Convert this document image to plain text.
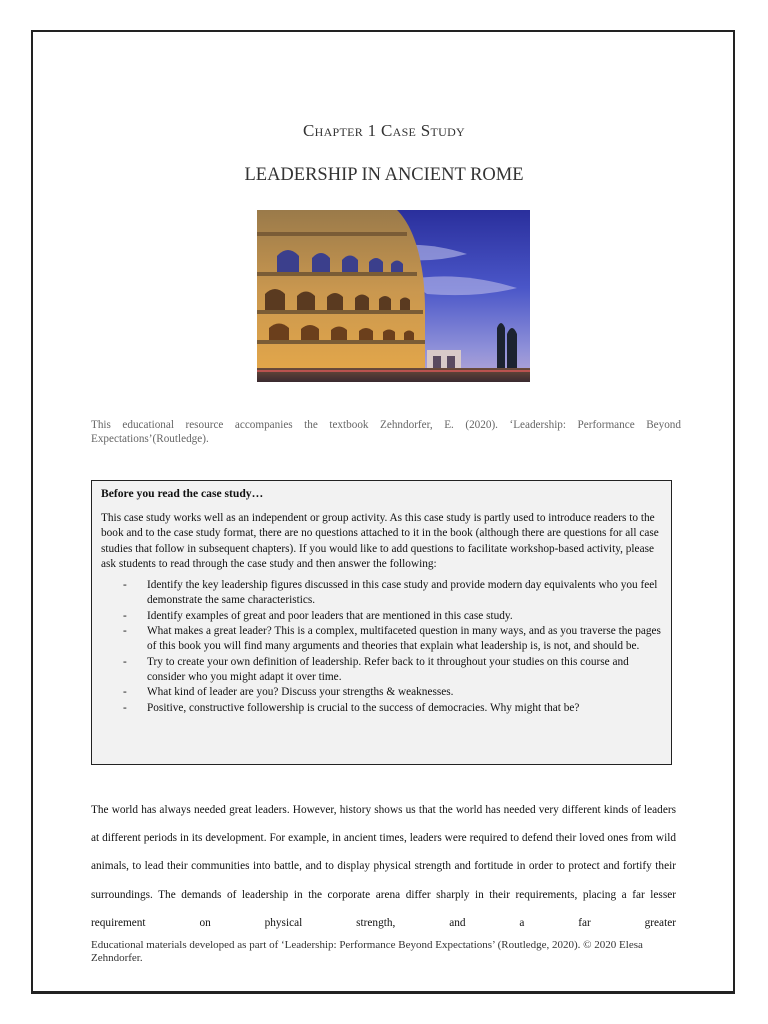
Chapter 1 Case Study
LEADERSHIP IN ANCIENT ROME
This educational resource accompanies the textbook Zehndorfer, E. (2020). ‘Leadership: Performance Beyond Expectations’(Routledge).

Before you read the case study…

This case study works well as an independent or group activity. As this case study is partly used to introduce readers to the book and to the case study format, there are no questions attached to it in the book (although there are questions for all case studies that follow in subsequent chapters). If you would like to add questions to facilitate workshop-based activity, please ask students to read through the case study and then answer the following:

- Identify the key leadership figures discussed in this case study and provide modern day equivalents who you feel demonstrate the same characteristics.
- Identify examples of great and poor leaders that are mentioned in this case study.
- What makes a great leader? This is a complex, multifaceted question in many ways, and as you traverse the pages of this book you will find many arguments and theories that explain what leadership is, is not, and should be.
- Try to create your own definition of leadership. Refer back to it throughout your studies on this course and consider who you might adapt it over time.
- What kind of leader are you? Discuss your strengths & weaknesses.
- Positive, constructive followership is crucial to the success of democracies. Why might that be?

The world has always needed great leaders. However, history shows us that the world has needed very different kinds of leaders at different periods in its development. For example, in ancient times, leaders were required to defend their loved ones from wild animals, to lead their communities into battle, and to display physical strength and fortitude in order to protect and fortify their surroundings. The demands of leadership in the corporate arena differ sharply in their requirements, placing a far lesser requirement on physical strength, and a far greater

Educational materials developed as part of ‘Leadership: Performance Beyond Expectations’ (Routledge, 2020). © 2020 Elesa Zehndorfer.
